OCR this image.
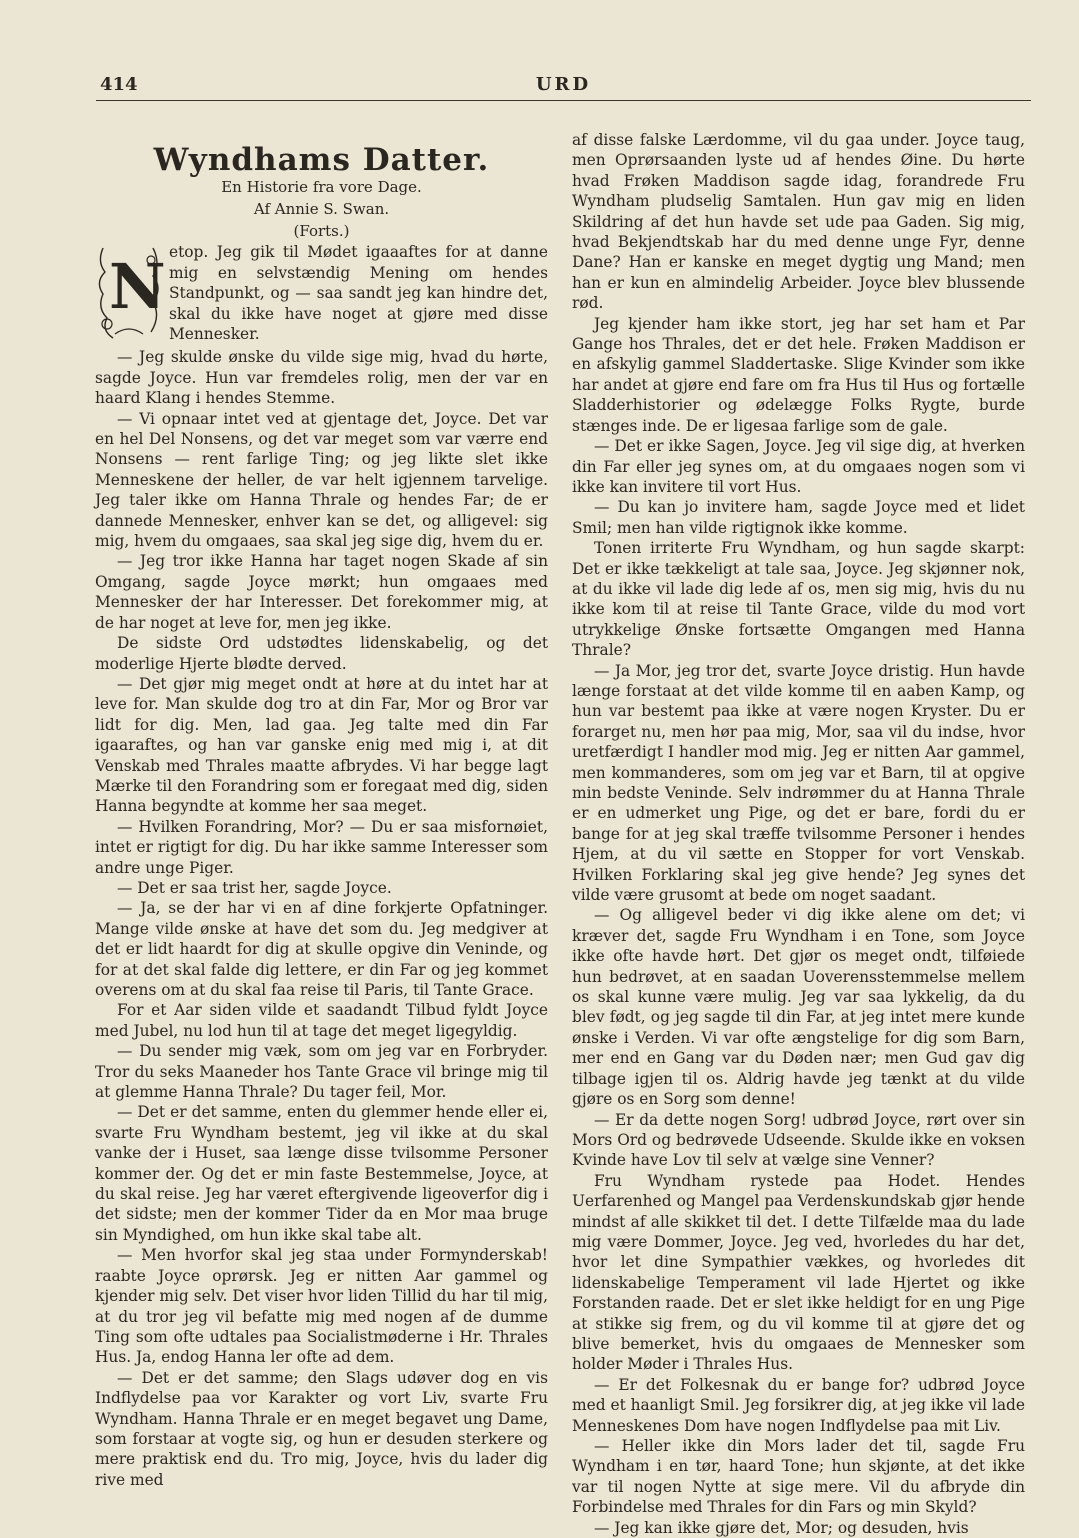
414	URD
Wyndhams Datter.

En Historie fra vore Dage.

Af Annie S. Swan.

(Forts.)

N etop. Jeg gik til Mødet igaaaftes for at danne mig en selvstændig Mening om hendes Standpunkt, og — saa sandt jeg kan hindre det, skal du ikke have noget at gjøre med disse Mennesker.

— Jeg skulde ønske du vilde sige mig, hvad du hørte, sagde Joyce. Hun var fremdeles rolig, men der var en haard Klang i hendes Stemme.

— Vi opnaar intet ved at gjentage det, Joyce. Det var en hel Del Nonsens, og det var meget som var værre end Nonsens — rent farlige Ting; og jeg likte slet ikke Menneskene der heller, de var helt igjennem tarvelige. Jeg taler ikke om Hanna Thrale og hendes Far; de er dannede Mennesker, enhver kan se det, og alligevel: sig mig, hvem du omgaaes, saa skal jeg sige dig, hvem du er.

— Jeg tror ikke Hanna har taget nogen Skade af sin Omgang, sagde Joyce mørkt; hun omgaaes med Mennesker der har Interesser. Det forekommer mig, at de har noget at leve for, men jeg ikke.

De sidste Ord udstødtes lidenskabelig, og det moderlige Hjerte blødte derved.

— Det gjør mig meget ondt at høre at du intet har at leve for. Man skulde dog tro at din Far, Mor og Bror var lidt for dig. Men, lad gaa. Jeg talte med din Far igaaraftes, og han var ganske enig med mig i, at dit Venskab med Thrales maatte afbrydes. Vi har begge lagt Mærke til den Forandring som er foregaat med dig, siden Hanna begyndte at komme her saa meget.

— Hvilken Forandring, Mor? — Du er saa misfornøiet, intet er rigtigt for dig. Du har ikke samme Interesser som andre unge Piger.

— Det er saa trist her, sagde Joyce.

— Ja, se der har vi en af dine forkjerte Opfatninger. Mange vilde ønske at have det som du. Jeg medgiver at det er lidt haardt for dig at skulle opgive din Veninde, og for at det skal falde dig lettere, er din Far og jeg kommet overens om at du skal faa reise til Paris, til Tante Grace.

For et Aar siden vilde et saadandt Tilbud fyldt Joyce med Jubel, nu lod hun til at tage det meget ligegyldig.

— Du sender mig væk, som om jeg var en Forbryder. Tror du seks Maaneder hos Tante Grace vil bringe mig til at glemme Hanna Thrale? Du tager feil, Mor.

— Det er det samme, enten du glemmer hende eller ei, svarte Fru Wyndham bestemt, jeg vil ikke at du skal vanke der i Huset, saa længe disse tvilsomme Personer kommer der. Og det er min faste Bestemmelse, Joyce, at du skal reise. Jeg har været eftergivende ligeoverfor dig i det sidste; men der kommer Tider da en Mor maa bruge sin Myndighed, om hun ikke skal tabe alt.

— Men hvorfor skal jeg staa under Formynderskab! raabte Joyce oprørsk. Jeg er nitten Aar gammel og kjender mig selv. Det viser hvor liden Tillid du har til mig, at du tror jeg vil befatte mig med nogen af de dumme Ting som ofte udtales paa Socialistmøderne i Hr. Thrales Hus. Ja, endog Hanna ler ofte ad dem.

— Det er det samme; den Slags udøver dog en vis Indflydelse paa vor Karakter og vort Liv, svarte Fru Wyndham. Hanna Thrale er en meget begavet ung Dame, som forstaar at vogte sig, og hun er desuden sterkere og mere praktisk end du. Tro mig, Joyce, hvis du lader dig rive med

af disse falske Lærdomme, vil du gaa under. Joyce taug, men Oprørsaanden lyste ud af hendes Øine. Du hørte hvad Frøken Maddison sagde idag, forandrede Fru Wyndham pludselig Samtalen. Hun gav mig en liden Skildring af det hun havde set ude paa Gaden. Sig mig, hvad Bekjendtskab har du med denne unge Fyr, denne Dane? Han er kanske en meget dygtig ung Mand; men han er kun en almindelig Arbeider. Joyce blev blussende rød.

Jeg kjender ham ikke stort, jeg har set ham et Par Gange hos Thrales, det er det hele. Frøken Maddison er en afskylig gammel Sladdertaske. Slige Kvinder som ikke har andet at gjøre end fare om fra Hus til Hus og fortælle Sladderhistorier og ødelægge Folks Rygte, burde stænges inde. De er ligesaa farlige som de gale.

— Det er ikke Sagen, Joyce. Jeg vil sige dig, at hverken din Far eller jeg synes om, at du omgaaes nogen som vi ikke kan invitere til vort Hus.

— Du kan jo invitere ham, sagde Joyce med et lidet Smil; men han vilde rigtignok ikke komme.

Tonen irriterte Fru Wyndham, og hun sagde skarpt: Det er ikke tækkeligt at tale saa, Joyce. Jeg skjønner nok, at du ikke vil lade dig lede af os, men sig mig, hvis du nu ikke kom til at reise til Tante Grace, vilde du mod vort utrykkelige Ønske fortsætte Omgangen med Hanna Thrale?

— Ja Mor, jeg tror det, svarte Joyce dristig. Hun havde længe forstaat at det vilde komme til en aaben Kamp, og hun var bestemt paa ikke at være nogen Kryster. Du er forarget nu, men hør paa mig, Mor, saa vil du indse, hvor uretfærdigt I handler mod mig. Jeg er nitten Aar gammel, men kommanderes, som om jeg var et Barn, til at opgive min bedste Veninde. Selv indrømmer du at Hanna Thrale er en udmerket ung Pige, og det er bare, fordi du er bange for at jeg skal træffe tvilsomme Personer i hendes Hjem, at du vil sætte en Stopper for vort Venskab. Hvilken Forklaring skal jeg give hende? Jeg synes det vilde være grusomt at bede om noget saadant.

— Og alligevel beder vi dig ikke alene om det; vi kræver det, sagde Fru Wyndham i en Tone, som Joyce ikke ofte havde hørt. Det gjør os meget ondt, tilføiede hun bedrøvet, at en saadan Uoverensstemmelse mellem os skal kunne være mulig. Jeg var saa lykkelig, da du blev født, og jeg sagde til din Far, at jeg intet mere kunde ønske i Verden. Vi var ofte ængstelige for dig som Barn, mer end en Gang var du Døden nær; men Gud gav dig tilbage igjen til os. Aldrig havde jeg tænkt at du vilde gjøre os en Sorg som denne!

— Er da dette nogen Sorg! udbrød Joyce, rørt over sin Mors Ord og bedrøvede Udseende. Skulde ikke en voksen Kvinde have Lov til selv at vælge sine Venner?

Fru Wyndham rystede paa Hodet. Hendes Uerfarenhed og Mangel paa Verdenskundskab gjør hende mindst af alle skikket til det. I dette Tilfælde maa du lade mig være Dommer, Joyce. Jeg ved, hvorledes du har det, hvor let dine Sympathier vækkes, og hvorledes dit lidenskabelige Temperament vil lade Hjertet og ikke Forstanden raade. Det er slet ikke heldigt for en ung Pige at stikke sig frem, og du vil komme til at gjøre det og blive bemerket, hvis du omgaaes de Mennesker som holder Møder i Thrales Hus.

— Er det Folkesnak du er bange for? udbrød Joyce med et haanligt Smil. Jeg forsikrer dig, at jeg ikke vil lade Menneskenes Dom have nogen Indflydelse paa mit Liv.

— Heller ikke din Mors lader det til, sagde Fru Wyndham i en tør, haard Tone; hun skjønte, at det ikke var til nogen Nytte at sige mere. Vil du afbryde din Forbindelse med Thrales for din Fars og min Skyld?

— Jeg kan ikke gjøre det, Mor; og desuden, hvis
